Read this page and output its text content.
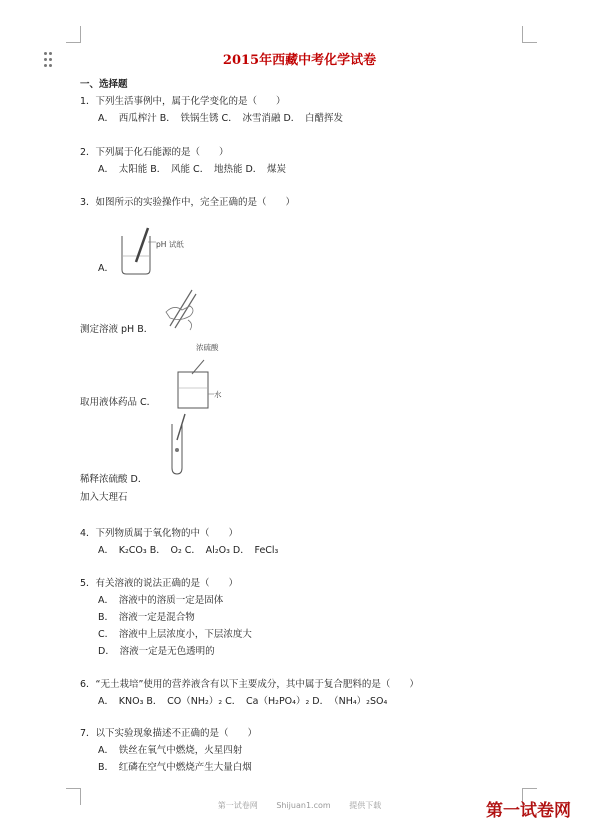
2015年西藏中考化学试卷
一、选择题
1．下列生活事例中，属于化学变化的是（　　）
A．　西瓜榨汁 B．　铁锅生锈 C．　冰雪消融 D．　白醋挥发
2．下列属于化石能源的是（　　）
A．　太阳能 B．　风能 C．　地热能 D．　煤炭
3．如图所示的实验操作中，完全正确的是（　　）
A．
pH 试纸
测定溶液 pH B．
浓硫酸
水
取用液体药品 C．
稀释浓硫酸 D．
加入大理石
4．下列物质属于氧化物的中（　　）
A．　K₂CO₃ B．　O₂ C．　Al₂O₃ D．　FeCl₃
5．有关溶液的说法正确的是（　　）
A．　溶液中的溶质一定是固体
B．　溶液一定是混合物
C．　溶液中上层浓度小，下层浓度大
D．　溶液一定是无色透明的
6．“无土栽培”使用的营养液含有以下主要成分，其中属于复合肥料的是（　　）
A．　KNO₃ B．　CO（NH₂）₂ C．　Ca（H₂PO₄）₂ D．　（NH₄）₂SO₄
7．以下实验现象描述不正确的是（　　）
A．　铁丝在氧气中燃烧，火星四射
B．　红磷在空气中燃烧产生大量白烟
第一试卷网 Shijuan1.com 提供下载	第一试卷网
